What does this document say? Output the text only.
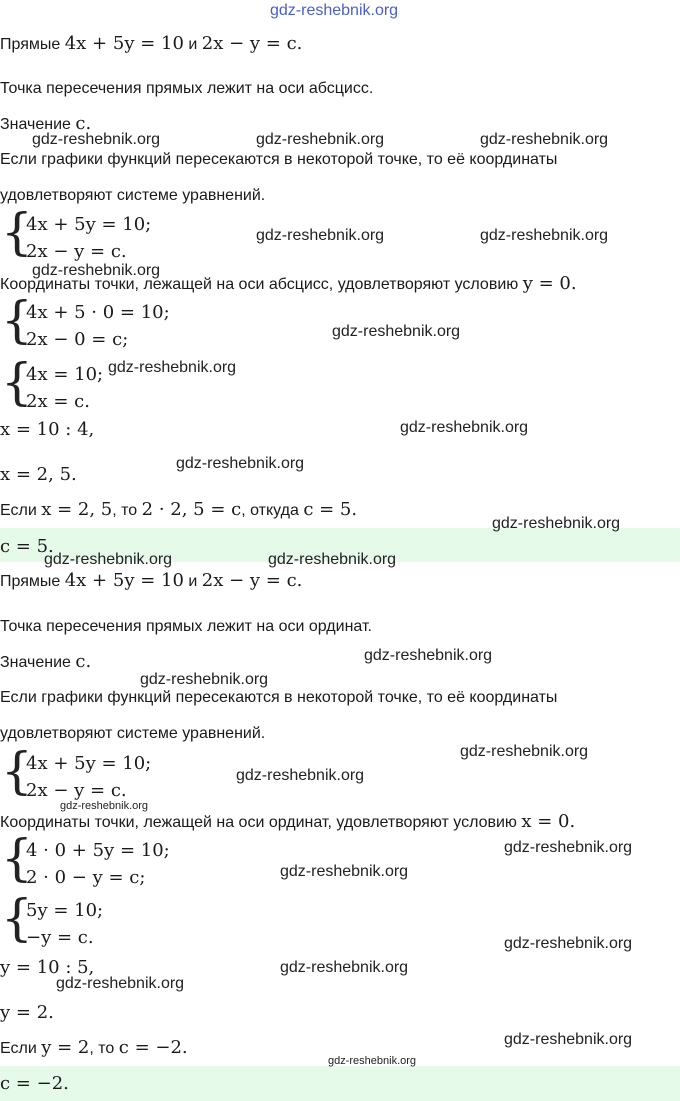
Прямые 4x + 5y = 10 и 2x − y = c.
Точка пересечения прямых лежит на оси абсцисс.
Значение c.
Если графики функций пересекаются в некоторой точке, то её координаты
удовлетворяют системе уравнений.
{
4x + 5y = 10;
2x − y = c.
Координаты точки, лежащей на оси абсцисс, удовлетворяют условию y = 0.
{
4x + 5 · 0 = 10;
2x − 0 = c;
{
4x = 10;
2x = c.
x = 10 : 4,
x = 2, 5.
Если x = 2, 5, то 2 · 2, 5 = c, откуда c = 5.
c = 5.
Прямые 4x + 5y = 10 и 2x − y = c.
Точка пересечения прямых лежит на оси ординат.
Значение c.
Если графики функций пересекаются в некоторой точке, то её координаты
удовлетворяют системе уравнений.
{
4x + 5y = 10;
2x − y = c.
Координаты точки, лежащей на оси ординат, удовлетворяют условию x = 0.
{
4 · 0 + 5y = 10;
2 · 0 − y = c;
{
5y = 10;
−y = c.
y = 10 : 5,
y = 2.
Если y = 2, то c = −2.
c = −2.
gdz-reshebnik.org
gdz-reshebnik.org	gdz-reshebnik.org	gdz-reshebnik.org
gdz-reshebnik.org	gdz-reshebnik.org
gdz-reshebnik.org
gdz-reshebnik.org
gdz-reshebnik.org
gdz-reshebnik.org
gdz-reshebnik.org
gdz-reshebnik.org
gdz-reshebnik.org	gdz-reshebnik.org
gdz-reshebnik.org
gdz-reshebnik.org
gdz-reshebnik.org
gdz-reshebnik.org
gdz-reshebnik.org
gdz-reshebnik.org
gdz-reshebnik.org
gdz-reshebnik.org
gdz-reshebnik.org
gdz-reshebnik.org
gdz-reshebnik.org
gdz-reshebnik.org
